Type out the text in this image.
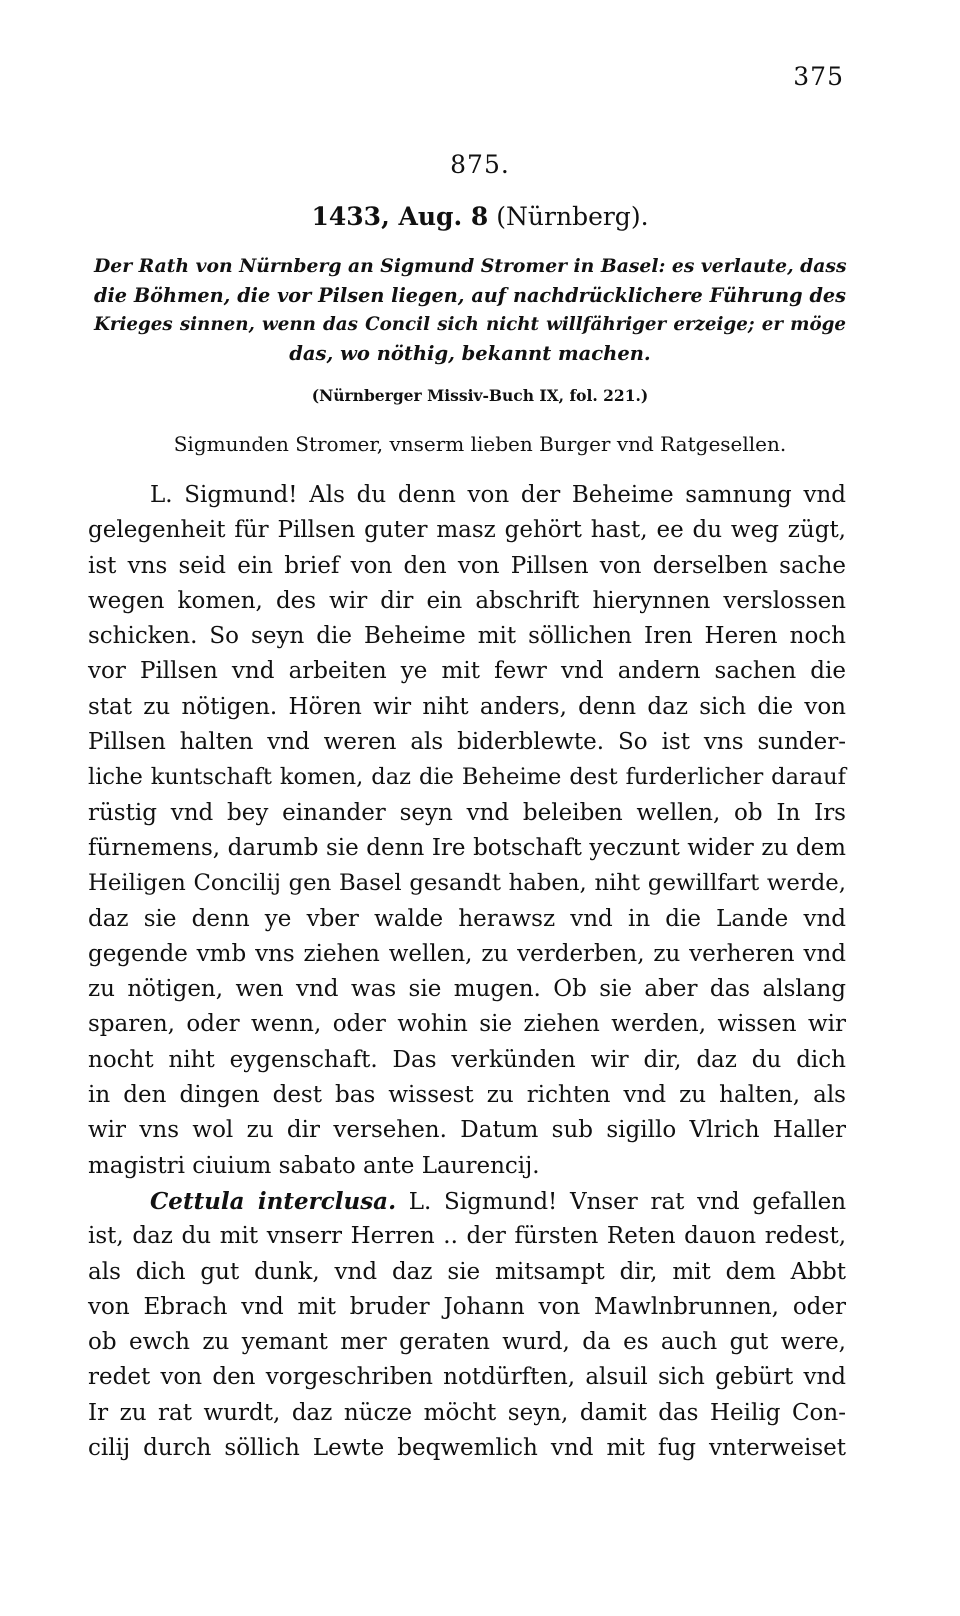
375
875.
1433, Aug. 8 (Nürnberg).
Der Rath von Nürnberg an Sigmund Stromer in Basel: es verlaute, dass
die Böhmen, die vor Pilsen liegen, auf nachdrücklichere Führung des
Krieges sinnen, wenn das Concil sich nicht willfähriger erzeige; er möge
das, wo nöthig, bekannt machen.
(Nürnberger Missiv-Buch IX, fol. 221.)
Sigmunden Stromer, vnserm lieben Burger vnd Ratgesellen.
L. Sigmund! Als du denn von der Beheime samnung vnd
gelegenheit für Pillsen guter masz gehört hast, ee du weg zügt,
ist vns seid ein brief von den von Pillsen von derselben sache
wegen komen, des wir dir ein abschrift hierynnen verslossen
schicken. So seyn die Beheime mit söllichen Iren Heren noch
vor Pillsen vnd arbeiten ye mit fewr vnd andern sachen die
stat zu nötigen. Hören wir niht anders, denn daz sich die von
Pillsen halten vnd weren als biderblewte. So ist vns sunder-
liche kuntschaft komen, daz die Beheime dest furderlicher darauf
rüstig vnd bey einander seyn vnd beleiben wellen, ob In Irs
fürnemens, darumb sie denn Ire botschaft yeczunt wider zu dem
Heiligen Concilij gen Basel gesandt haben, niht gewillfart werde,
daz sie denn ye vber walde herawsz vnd in die Lande vnd
gegende vmb vns ziehen wellen, zu verderben, zu verheren vnd
zu nötigen, wen vnd was sie mugen. Ob sie aber das alslang
sparen, oder wenn, oder wohin sie ziehen werden, wissen wir
nocht niht eygenschaft. Das verkünden wir dir, daz du dich
in den dingen dest bas wissest zu richten vnd zu halten, als
wir vns wol zu dir versehen. Datum sub sigillo Vlrich Haller
magistri ciuium sabato ante Laurencij.
Cettula interclusa. L. Sigmund! Vnser rat vnd gefallen
ist, daz du mit vnserr Herren .. der fürsten Reten dauon redest,
als dich gut dunk, vnd daz sie mitsampt dir, mit dem Abbt
von Ebrach vnd mit bruder Johann von Mawlnbrunnen, oder
ob ewch zu yemant mer geraten wurd, da es auch gut were,
redet von den vorgeschriben notdürften, alsuil sich gebürt vnd
Ir zu rat wurdt, daz nücze möcht seyn, damit das Heilig Con-
cilij durch söllich Lewte beqwemlich vnd mit fug vnterweiset
